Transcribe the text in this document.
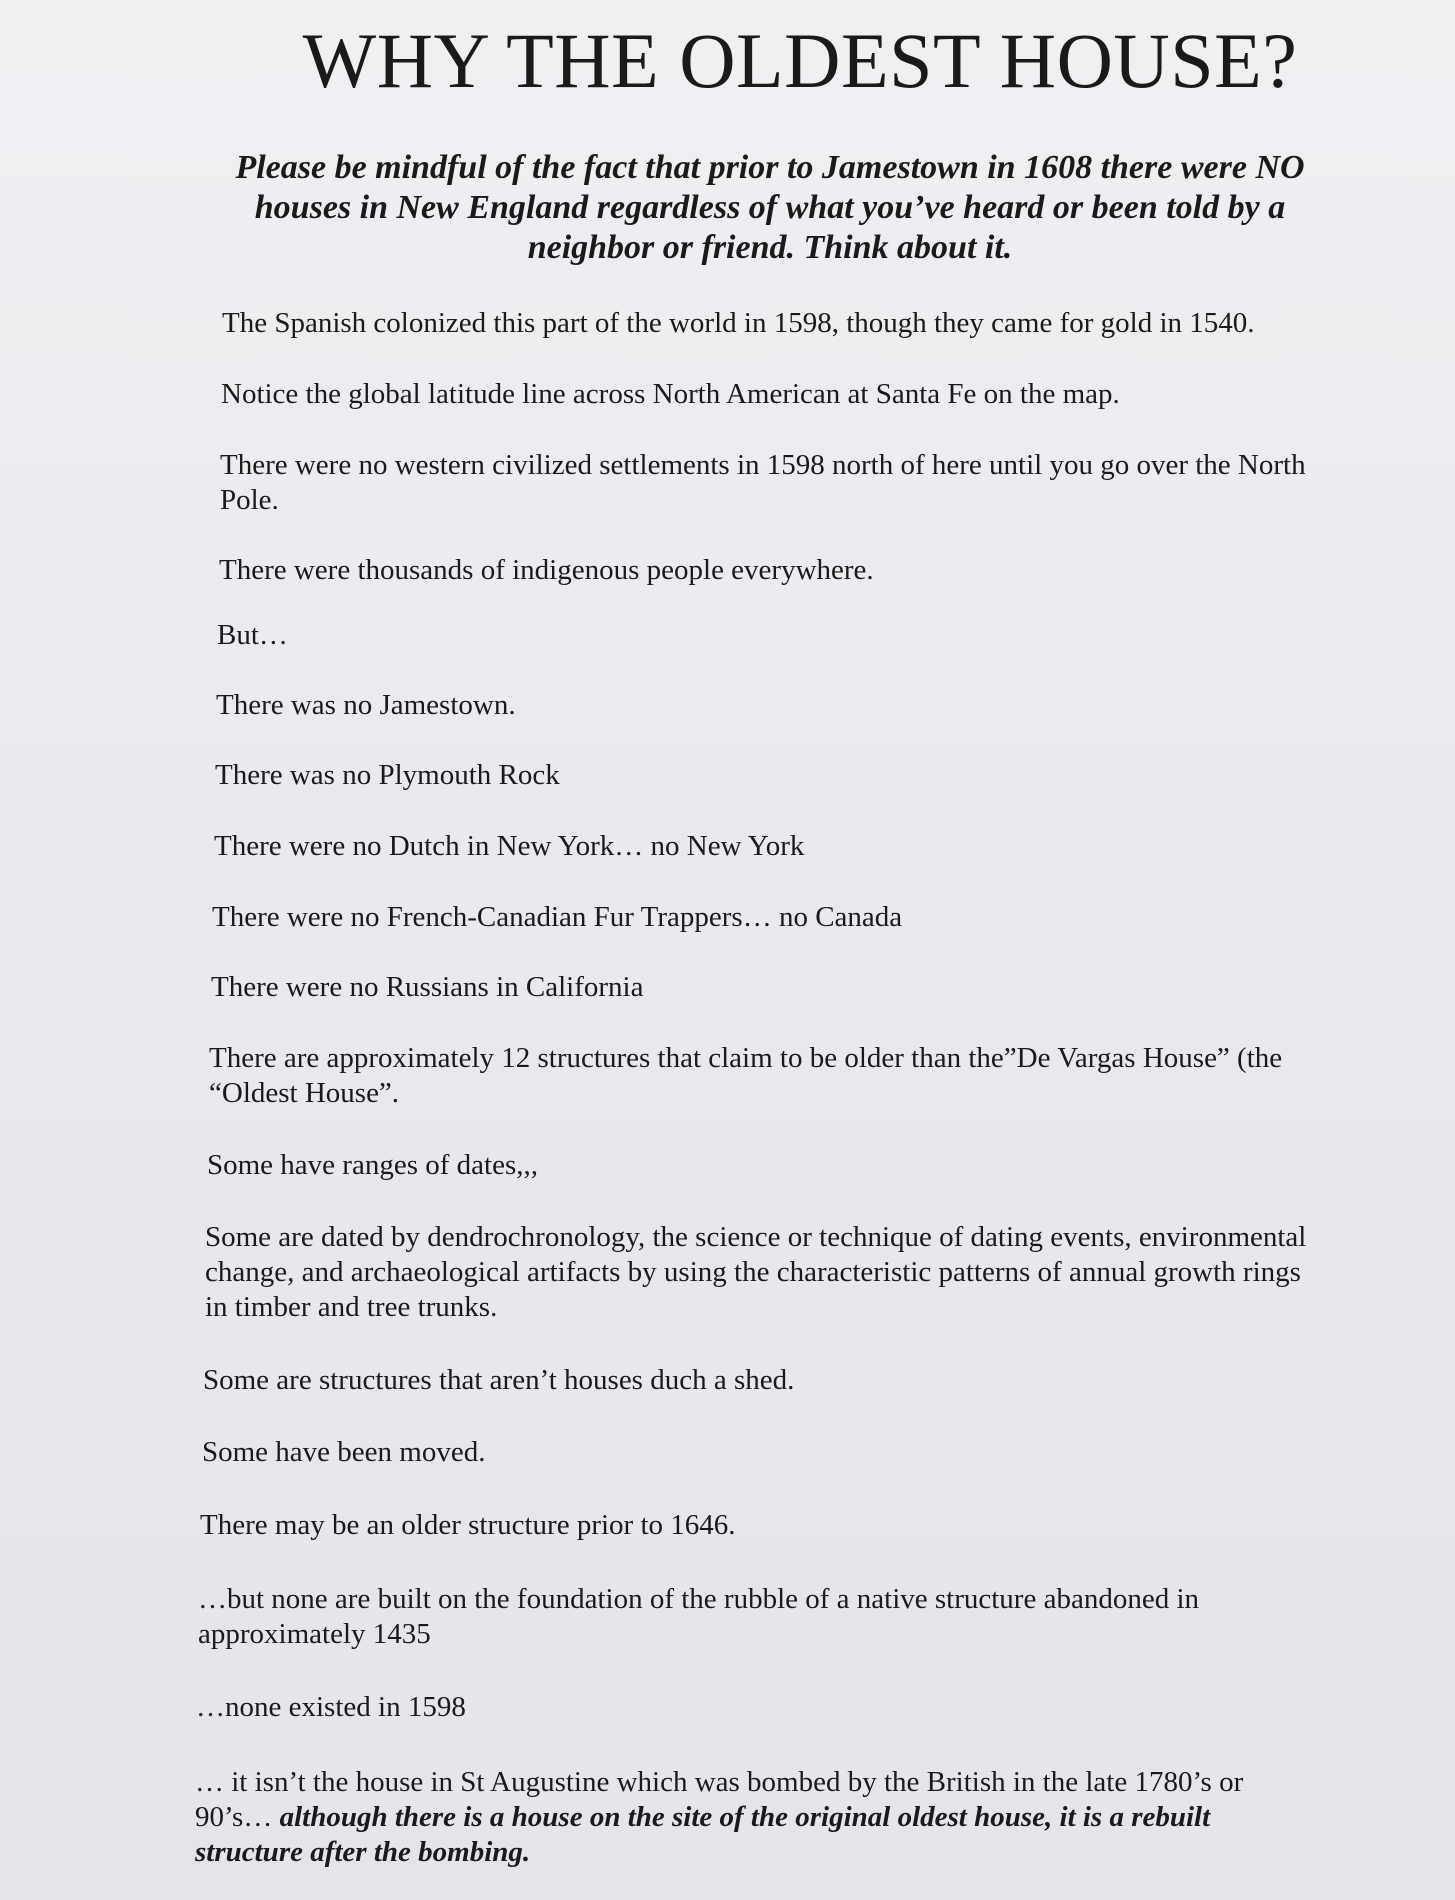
WHY THE OLDEST HOUSE?

Please be mindful of the fact that prior to Jamestown in 1608 there were NO houses in New England regardless of what you’ve heard or been told by a neighbor or friend. Think about it.

The Spanish colonized this part of the world in 1598, though they came for gold in 1540.

Notice the global latitude line across North American at Santa Fe on the map.

There were no western civilized settlements in 1598 north of here until you go over the North Pole.

There were thousands of indigenous people everywhere.

But…

There was no Jamestown.

There was no Plymouth Rock

There were no Dutch in New York… no New York

There were no French-Canadian Fur Trappers… no Canada

There were no Russians in California

There are approximately 12 structures that claim to be older than the”De Vargas House” (the “Oldest House”.

Some have ranges of dates,,,

Some are dated by dendrochronology, the science or technique of dating events, environmental change, and archaeological artifacts by using the characteristic patterns of annual growth rings in timber and tree trunks.

Some are structures that aren’t houses duch a shed.

Some have been moved.

There may be an older structure prior to 1646.

…but none are built on the foundation of the rubble of a native structure abandoned in approximately 1435

…none existed in 1598

… it isn’t the house in St Augustine which was bombed by the British in the late 1780’s or 90’s… although there is a house on the site of the original oldest house, it is a rebuilt structure after the bombing.
